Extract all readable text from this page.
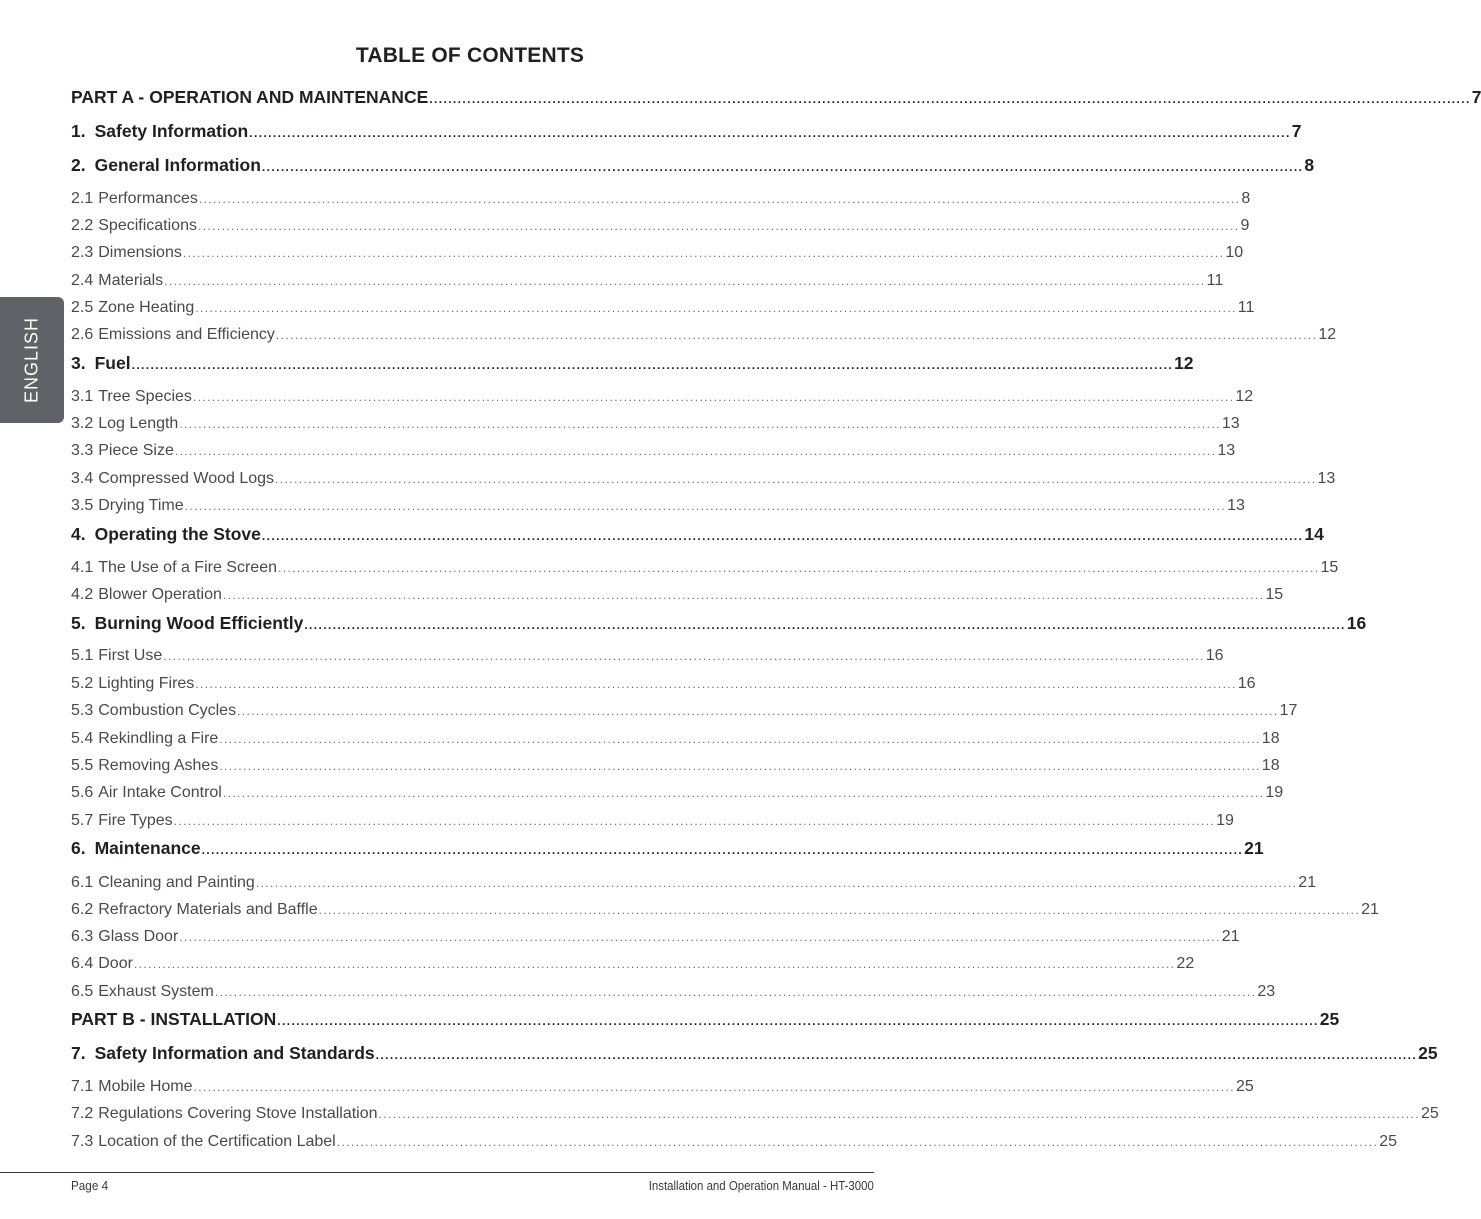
TABLE OF CONTENTS
ENGLISH
PART A - OPERATION AND MAINTENANCE ............................................................................................................................................................................................................................ 7
1. Safety Information ............................................................................................................................................................................................................................ 7
2. General Information ............................................................................................................................................................................................................................ 8
2.1 Performances ............................................................................................................................................................................................................................ 8
2.2 Specifications ............................................................................................................................................................................................................................ 9
2.3 Dimensions ............................................................................................................................................................................................................................ 10
2.4 Materials ............................................................................................................................................................................................................................ 11
2.5 Zone Heating ............................................................................................................................................................................................................................ 11
2.6 Emissions and Efficiency ............................................................................................................................................................................................................................ 12
3. Fuel ............................................................................................................................................................................................................................ 12
3.1 Tree Species ............................................................................................................................................................................................................................ 12
3.2 Log Length ............................................................................................................................................................................................................................ 13
3.3 Piece Size ............................................................................................................................................................................................................................ 13
3.4 Compressed Wood Logs ............................................................................................................................................................................................................................ 13
3.5 Drying Time ............................................................................................................................................................................................................................ 13
4. Operating the Stove ............................................................................................................................................................................................................................ 14
4.1 The Use of a Fire Screen ............................................................................................................................................................................................................................ 15
4.2 Blower Operation ............................................................................................................................................................................................................................ 15
5. Burning Wood Efficiently ............................................................................................................................................................................................................................ 16
5.1 First Use ............................................................................................................................................................................................................................ 16
5.2 Lighting Fires ............................................................................................................................................................................................................................ 16
5.3 Combustion Cycles ............................................................................................................................................................................................................................ 17
5.4 Rekindling a Fire ............................................................................................................................................................................................................................ 18
5.5 Removing Ashes ............................................................................................................................................................................................................................ 18
5.6 Air Intake Control ............................................................................................................................................................................................................................ 19
5.7 Fire Types ............................................................................................................................................................................................................................ 19
6. Maintenance ............................................................................................................................................................................................................................ 21
6.1 Cleaning and Painting ............................................................................................................................................................................................................................ 21
6.2 Refractory Materials and Baffle ............................................................................................................................................................................................................................ 21
6.3 Glass Door ............................................................................................................................................................................................................................ 21
6.4 Door ............................................................................................................................................................................................................................ 22
6.5 Exhaust System ............................................................................................................................................................................................................................ 23
PART B - INSTALLATION ............................................................................................................................................................................................................................ 25
7. Safety Information and Standards ............................................................................................................................................................................................................................ 25
7.1 Mobile Home ............................................................................................................................................................................................................................ 25
7.2 Regulations Covering Stove Installation ............................................................................................................................................................................................................................ 25
7.3 Location of the Certification Label ............................................................................................................................................................................................................................ 25
Page 4	Installation and Operation Manual - HT-3000
